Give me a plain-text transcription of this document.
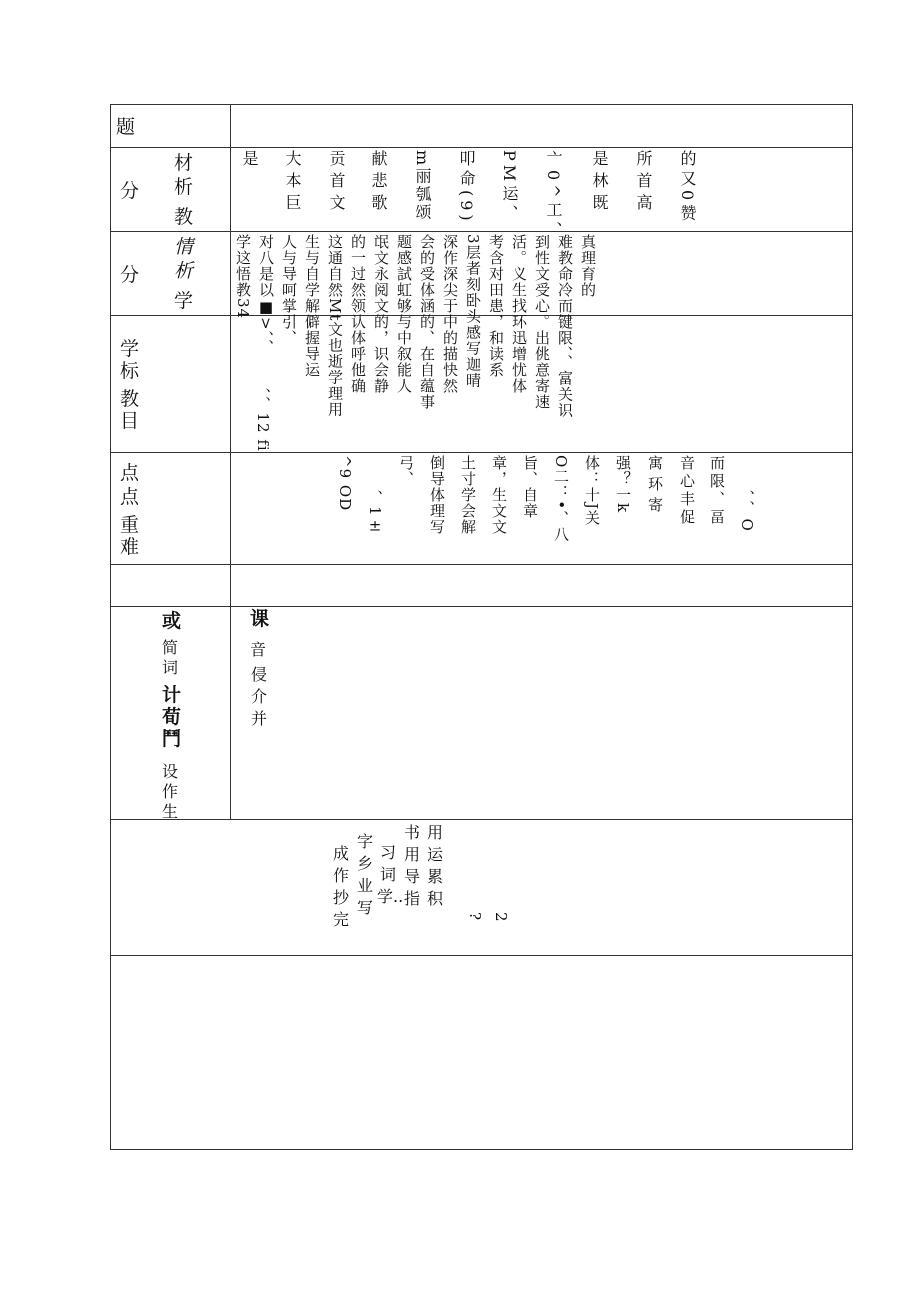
题
分
材
析
教
是 大本巨 贡首文 献悲歌 m丽瓠颂 叩命(9) PM运、 亠0^工、 是林既 所首高 的又0赞
分
情
析
学	学这悟教34 对八是以■>、、 人与导呵掌引、 生与自学解僻握导运 这通自然Mt文也逝学理用 的一过然领认体呼他确 氓文永阅文的，识会静 题感試虹够与中叙能人 会的受体涵的、在自蕴事 深作深尖于中的描快然 3层者刻卧头感写迦晴 考含对田患，和读系 活。义生找环迅增忧体 到性文受心。出佻意寄速 难教命冷而键限、、富关识 真理育的
学
标
教
目	、、12 fi
^9 OD
、1±
弓、 倒导体理写 土寸学会解 章，生文文 旨、自章 O二：•、八 体：十J关 强？一k 寓环寄 音心丰促 而限、畐 、、O
点
点
重
难
或
简
词
计
荀
鬥
设
作
生
课
音
侵介并
成作抄完
字乡业写
习词学..
书用导指
用运累积
? 2
